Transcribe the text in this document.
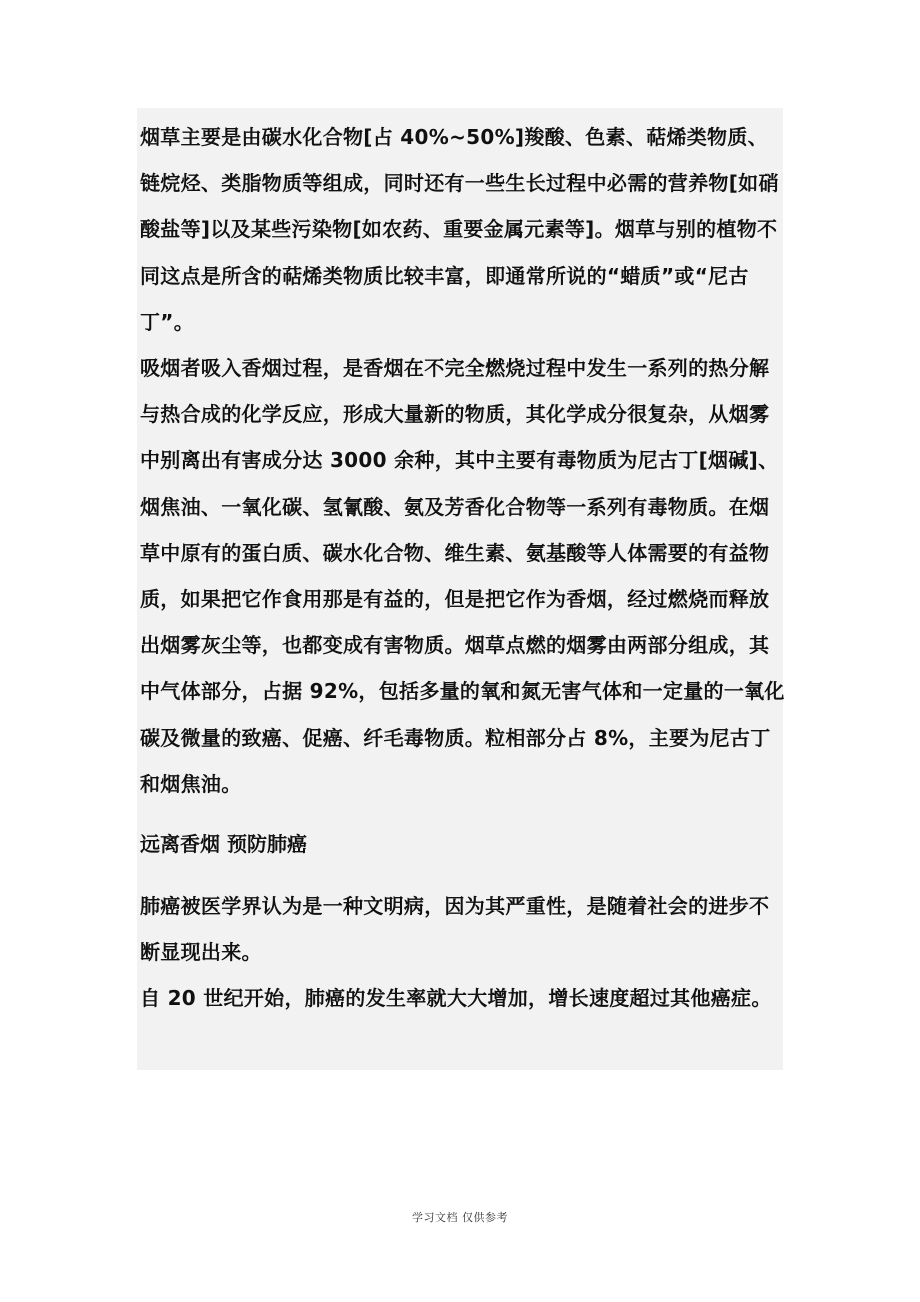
烟草主要是由碳水化合物[占 40%~50%]羧酸、色素、萜烯类物质、链烷烃、类脂物质等组成，同时还有一些生长过程中必需的营养物[如硝酸盐等]以及某些污染物[如农药、重要金属元素等]。烟草与别的植物不同这点是所含的萜烯类物质比较丰富，即通常所说的“蜡质”或“尼古丁”。

吸烟者吸入香烟过程，是香烟在不完全燃烧过程中发生一系列的热分解与热合成的化学反应，形成大量新的物质，其化学成分很复杂，从烟雾中别离出有害成分达 3000 余种，其中主要有毒物质为尼古丁[烟碱]、烟焦油、一氧化碳、氢氰酸、氨及芳香化合物等一系列有毒物质。在烟草中原有的蛋白质、碳水化合物、维生素、氨基酸等人体需要的有益物质，如果把它作食用那是有益的，但是把它作为香烟，经过燃烧而释放出烟雾灰尘等，也都变成有害物质。烟草点燃的烟雾由两部分组成，其中气体部分，占据 92%，包括多量的氧和氮无害气体和一定量的一氧化碳及微量的致癌、促癌、纤毛毒物质。粒相部分占 8%，主要为尼古丁和烟焦油。

远离香烟 预防肺癌

肺癌被医学界认为是一种文明病，因为其严重性，是随着社会的进步不断显现出来。

自 20 世纪开始，肺癌的发生率就大大增加，增长速度超过其他癌症。

学习文档 仅供参考
